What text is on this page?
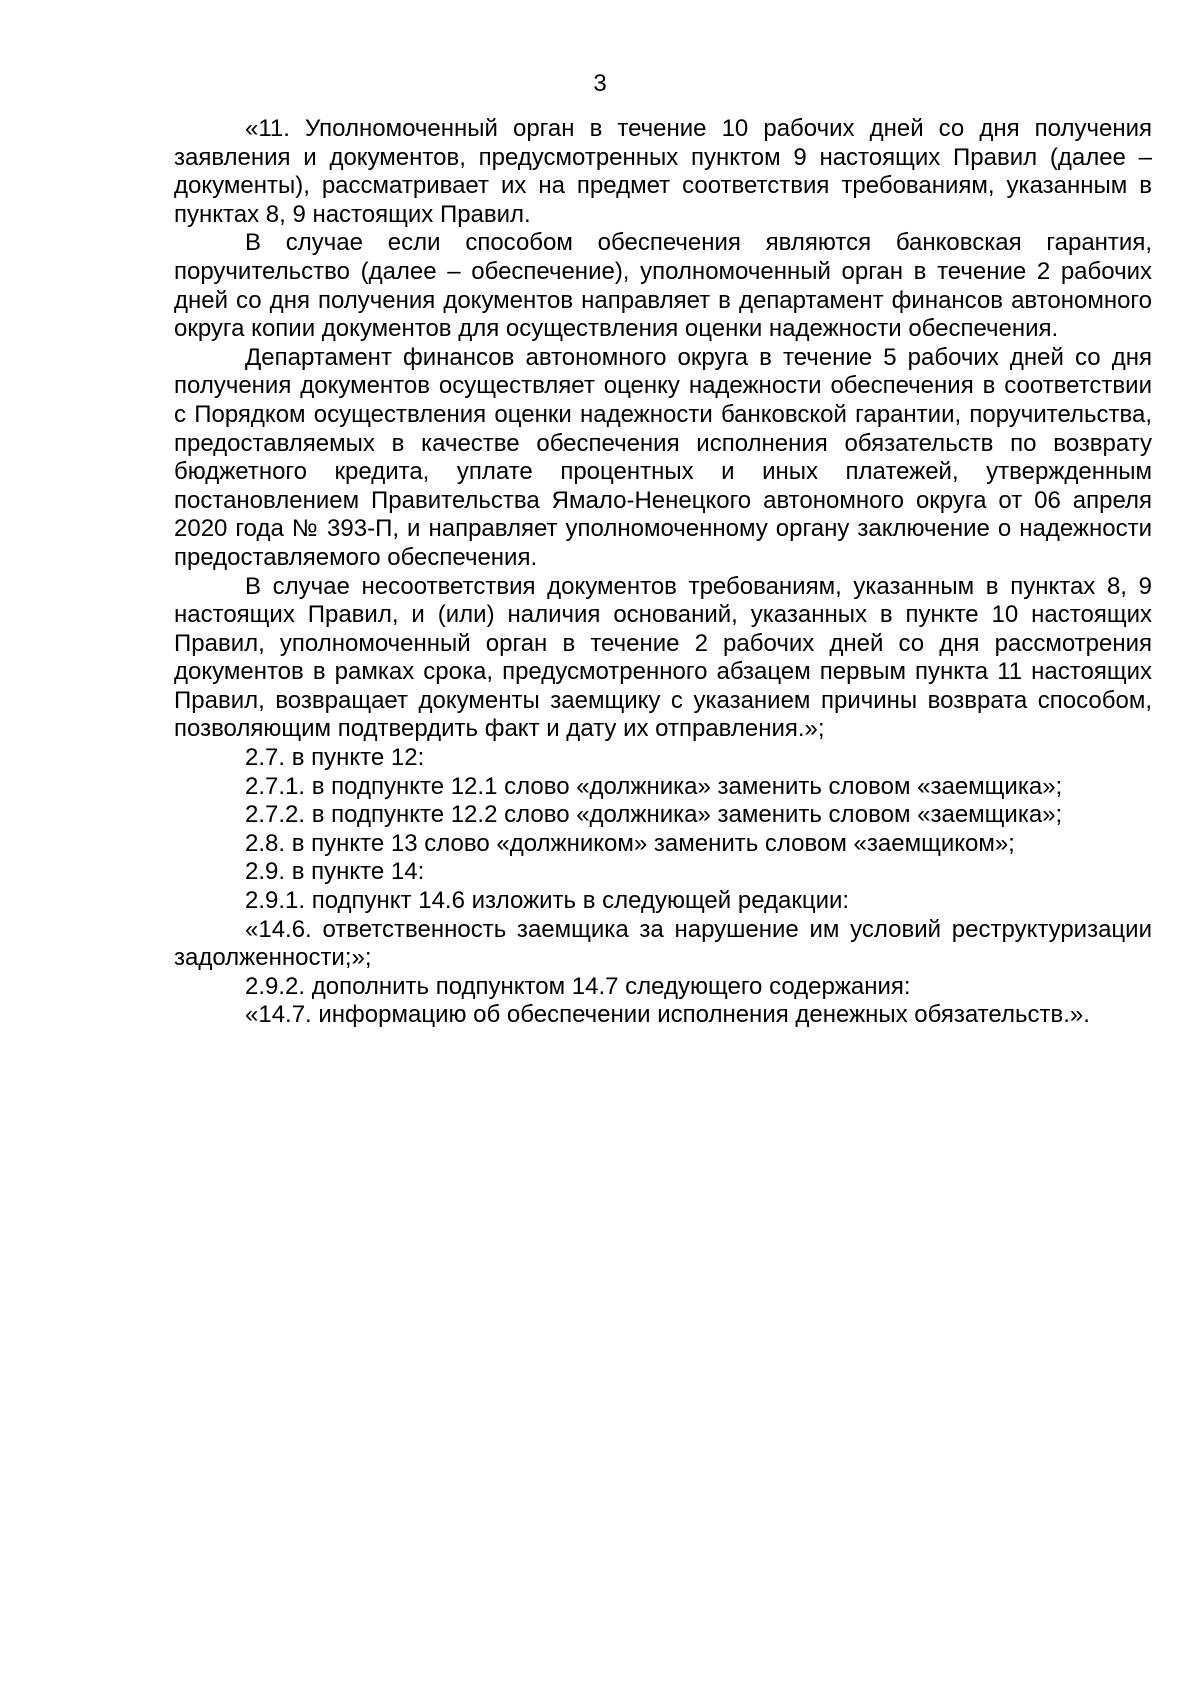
3

«11. Уполномоченный орган в течение 10 рабочих дней со дня получения заявления и документов, предусмотренных пунктом 9 настоящих Правил (далее – документы), рассматривает их на предмет соответствия требованиям, указанным в пунктах 8, 9 настоящих Правил.

В случае если способом обеспечения являются банковская гарантия, поручительство (далее – обеспечение), уполномоченный орган в течение 2 рабочих дней со дня получения документов направляет в департамент финансов автономного округа копии документов для осуществления оценки надежности обеспечения.

Департамент финансов автономного округа в течение 5 рабочих дней со дня получения документов осуществляет оценку надежности обеспечения в соответствии с Порядком осуществления оценки надежности банковской гарантии, поручительства, предоставляемых в качестве обеспечения исполнения обязательств по возврату бюджетного кредита, уплате процентных и иных платежей, утвержденным постановлением Правительства Ямало-Ненецкого автономного округа от 06 апреля 2020 года № 393-П, и направляет уполномоченному органу заключение о надежности предоставляемого обеспечения.

В случае несоответствия документов требованиям, указанным в пунктах 8, 9 настоящих Правил, и (или) наличия оснований, указанных в пункте 10 настоящих Правил, уполномоченный орган в течение 2 рабочих дней со дня рассмотрения документов в рамках срока, предусмотренного абзацем первым пункта 11 настоящих Правил, возвращает документы заемщику с указанием причины возврата способом, позволяющим подтвердить факт и дату их отправления.»;

2.7. в пункте 12:

2.7.1. в подпункте 12.1 слово «должника» заменить словом «заемщика»;

2.7.2. в подпункте 12.2 слово «должника» заменить словом «заемщика»;

2.8. в пункте 13 слово «должником» заменить словом «заемщиком»;

2.9. в пункте 14:

2.9.1. подпункт 14.6 изложить в следующей редакции:

«14.6. ответственность заемщика за нарушение им условий реструктуризации задолженности;»;

2.9.2. дополнить подпунктом 14.7 следующего содержания:

«14.7. информацию об обеспечении исполнения денежных обязательств.».
